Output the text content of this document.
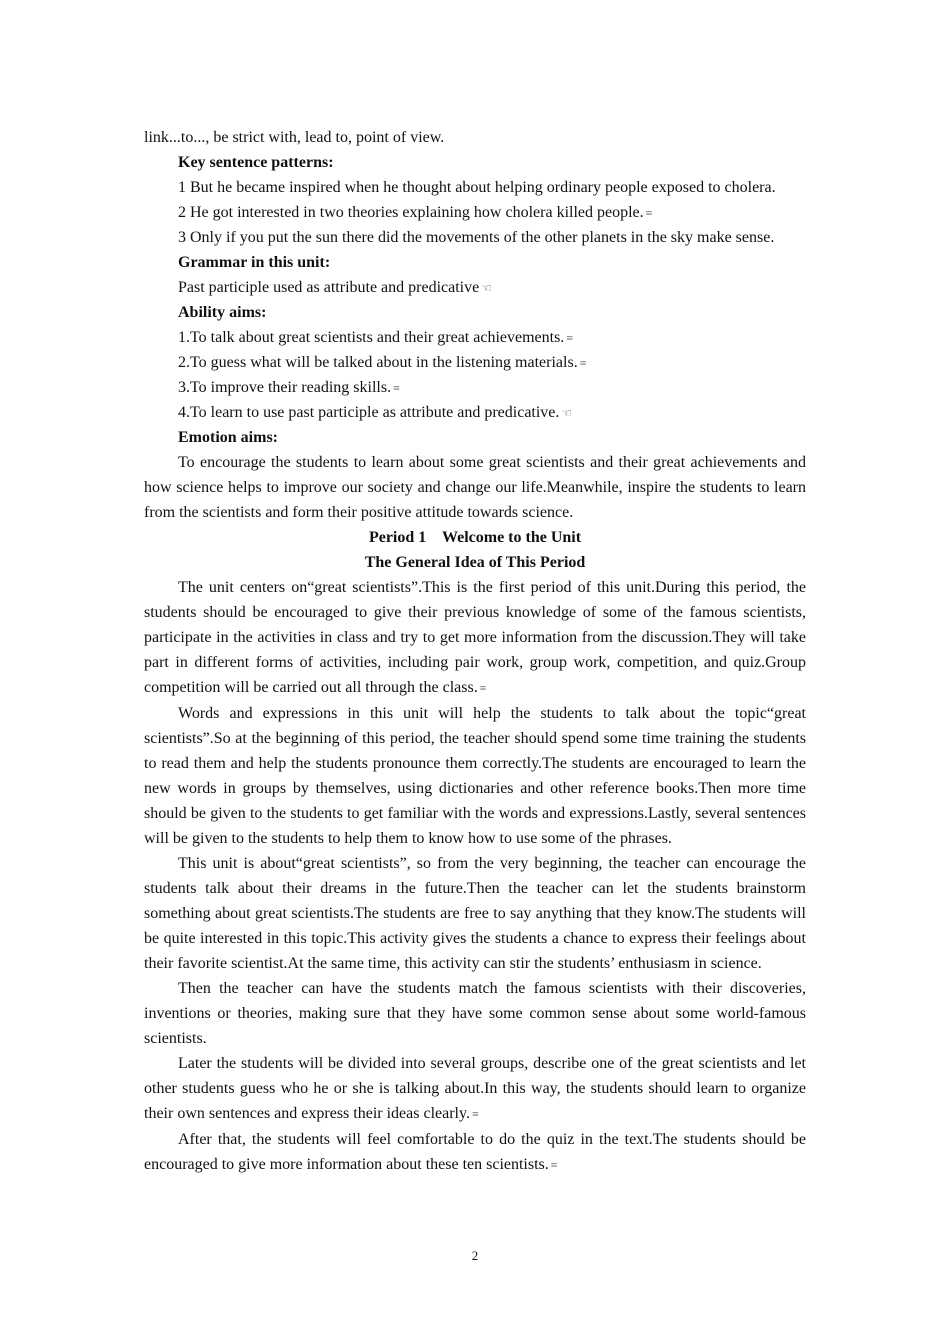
link...to..., be strict with, lead to, point of view.
Key sentence patterns:
1 But he became inspired when he thought about helping ordinary people exposed to cholera.
2 He got interested in two theories explaining how cholera killed people. ≡
3 Only if you put the sun there did the movements of the other planets in the sky make sense.
Grammar in this unit:
Past participle used as attribute and predicative ☜
Ability aims:
1.To talk about great scientists and their great achievements. ≡
2.To guess what will be talked about in the listening materials. ≡
3.To improve their reading skills. ≡
4.To learn to use past participle as attribute and predicative. ☜
Emotion aims:
To encourage the students to learn about some great scientists and their great achievements and how science helps to improve our society and change our life.Meanwhile, inspire the students to learn from the scientists and form their positive attitude towards science.
Period 1    Welcome to the Unit
The General Idea of This Period
The unit centers on“great scientists”.This is the first period of this unit.During this period, the students should be encouraged to give their previous knowledge of some of the famous scientists, participate in the activities in class and try to get more information from the discussion.They will take part in different forms of activities, including pair work, group work, competition, and quiz.Group competition will be carried out all through the class. ≡
Words and expressions in this unit will help the students to talk about the topic“great scientists”.So at the beginning of this period, the teacher should spend some time training the students to read them and help the students pronounce them correctly.The students are encouraged to learn the new words in groups by themselves, using dictionaries and other reference books.Then more time should be given to the students to get familiar with the words and expressions.Lastly, several sentences will be given to the students to help them to know how to use some of the phrases.
This unit is about“great scientists”, so from the very beginning, the teacher can encourage the students talk about their dreams in the future.Then the teacher can let the students brainstorm something about great scientists.The students are free to say anything that they know.The students will be quite interested in this topic.This activity gives the students a chance to express their feelings about their favorite scientist.At the same time, this activity can stir the students’ enthusiasm in science.
Then the teacher can have the students match the famous scientists with their discoveries, inventions or theories, making sure that they have some common sense about some world-famous scientists.
Later the students will be divided into several groups, describe one of the great scientists and let other students guess who he or she is talking about.In this way, the students should learn to organize their own sentences and express their ideas clearly. ≡
After that, the students will feel comfortable to do the quiz in the text.The students should be encouraged to give more information about these ten scientists. ≡
2
